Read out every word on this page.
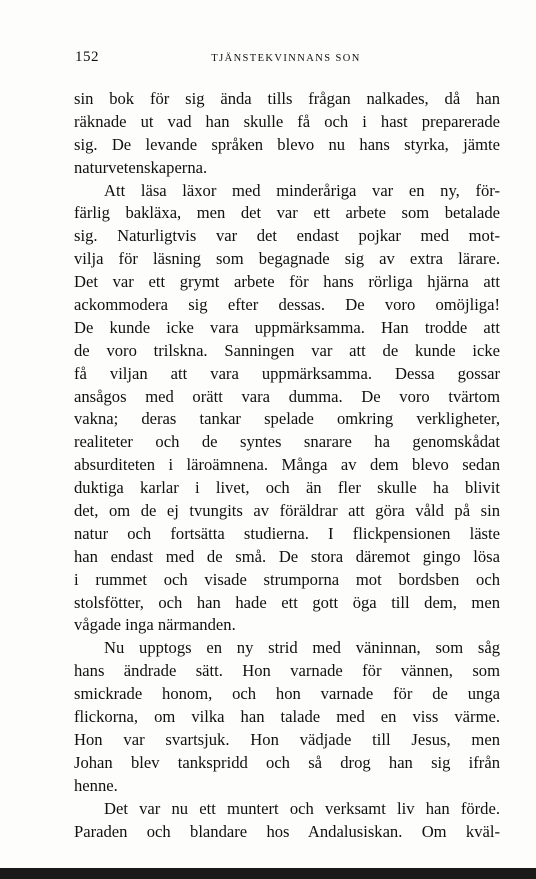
152	TJÄNSTEKVINNANS SON
sin bok för sig ända tills frågan nalkades, då han
räknade ut vad han skulle få och i hast preparerade
sig. De levande språken blevo nu hans styrka, jämte
naturvetenskaperna.
Att läsa läxor med minderåriga var en ny, för-
färlig bakläxa, men det var ett arbete som betalade
sig. Naturligtvis var det endast pojkar med mot-
vilja för läsning som begagnade sig av extra lärare.
Det var ett grymt arbete för hans rörliga hjärna att
ackommodera sig efter dessas. De voro omöjliga!
De kunde icke vara uppmärksamma. Han trodde att
de voro trilskna. Sanningen var att de kunde icke
få viljan att vara uppmärksamma. Dessa gossar
ansågos med orätt vara dumma. De voro tvärtom
vakna; deras tankar spelade omkring verkligheter,
realiteter och de syntes snarare ha genomskådat
absurditeten i läroämnena. Många av dem blevo sedan
duktiga karlar i livet, och än fler skulle ha blivit
det, om de ej tvungits av föräldrar att göra våld på sin
natur och fortsätta studierna. I flickpensionen läste
han endast med de små. De stora däremot gingo lösa
i rummet och visade strumporna mot bordsben och
stolsfötter, och han hade ett gott öga till dem, men
vågade inga närmanden.
Nu upptogs en ny strid med väninnan, som såg
hans ändrade sätt. Hon varnade för vännen, som
smickrade honom, och hon varnade för de unga
flickorna, om vilka han talade med en viss värme.
Hon var svartsjuk. Hon vädjade till Jesus, men
Johan blev tankspridd och så drog han sig ifrån
henne.
Det var nu ett muntert och verksamt liv han förde.
Paraden och blandare hos Andalusiskan. Om kväl-
